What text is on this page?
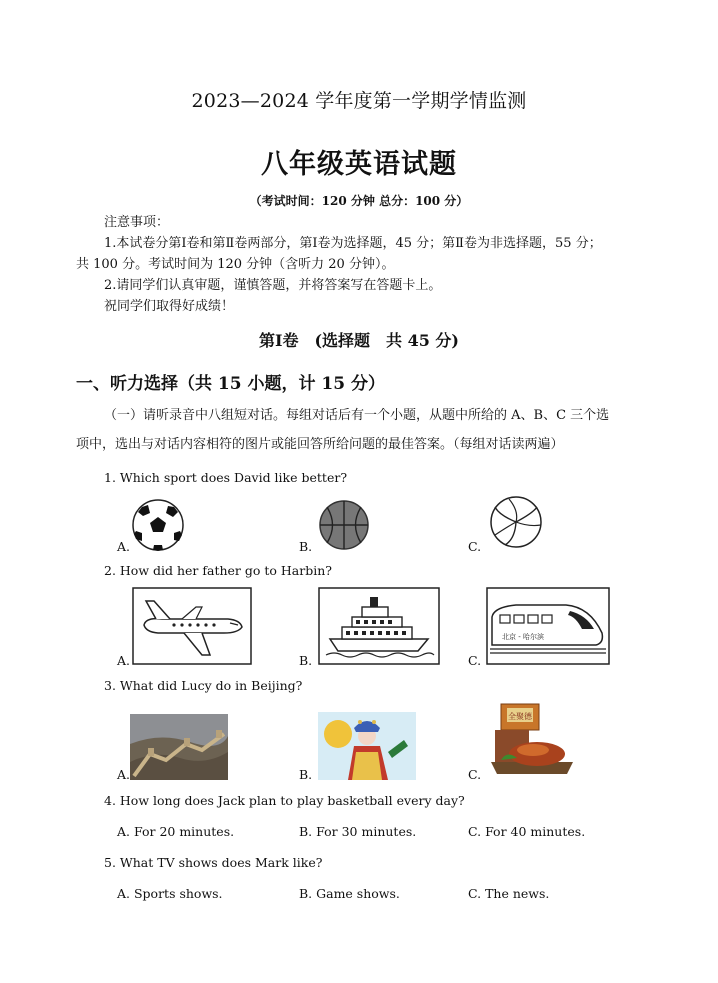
2023—2024 学年度第一学期学情监测
八年级英语试题
（考试时间：120 分钟 总分：100 分）
注意事项：
1.本试卷分第Ⅰ卷和第Ⅱ卷两部分，第Ⅰ卷为选择题，45 分；第Ⅱ卷为非选择题，55 分；
共 100 分。考试时间为 120 分钟（含听力 20 分钟）。
2.请同学们认真审题，谨慎答题，并将答案写在答题卡上。
祝同学们取得好成绩！
第Ⅰ卷　(选择题　共 45 分)
一、听力选择（共 15 小题，计 15 分）
（一）请听录音中八组短对话。每组对话后有一个小题，从题中所给的 A、B、C 三个选
项中，选出与对话内容相符的图片或能回答所给问题的最佳答案。（每组对话读两遍）
1. Which sport does David like better?
A.	B.	C.
2. How did her father go to Harbin?
A.	B.	C.
北京 - 哈尔滨
3. What did Lucy do in Beijing?
A.	B.	C.
全聚德
4. How long does Jack plan to play basketball every day?
A. For 20 minutes.	B. For 30 minutes.	C. For 40 minutes.
5. What TV shows does Mark like?
A. Sports shows.	B. Game shows.	C. The news.
